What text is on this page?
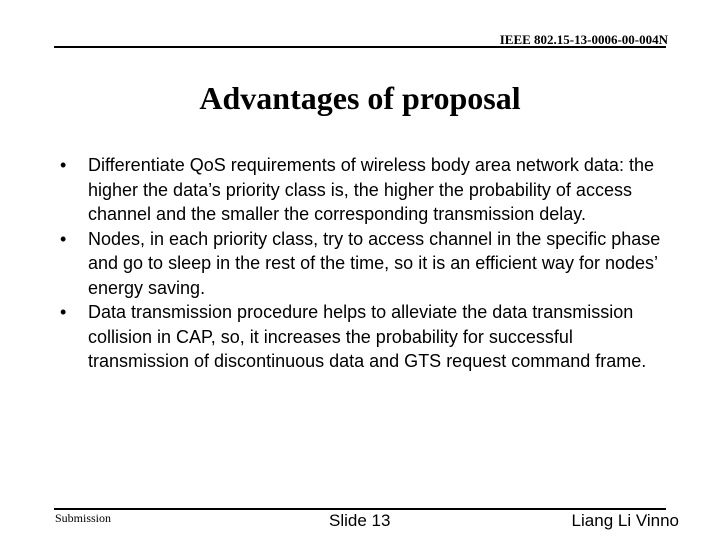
IEEE 802.15-13-0006-00-004N
Advantages of proposal
• Differentiate QoS requirements of wireless body area network data: the higher the data’s priority class is, the higher the probability of access channel and the smaller the corresponding transmission delay.
• Nodes, in each priority class, try to access channel in the specific phase and go to sleep in the rest of the time, so it is an efficient way for nodes’ energy saving.
• Data transmission procedure helps to alleviate the data transmission collision in CAP, so, it increases the probability for successful transmission of discontinuous data and GTS request command frame.
Submission	Slide 13	Liang Li Vinno
